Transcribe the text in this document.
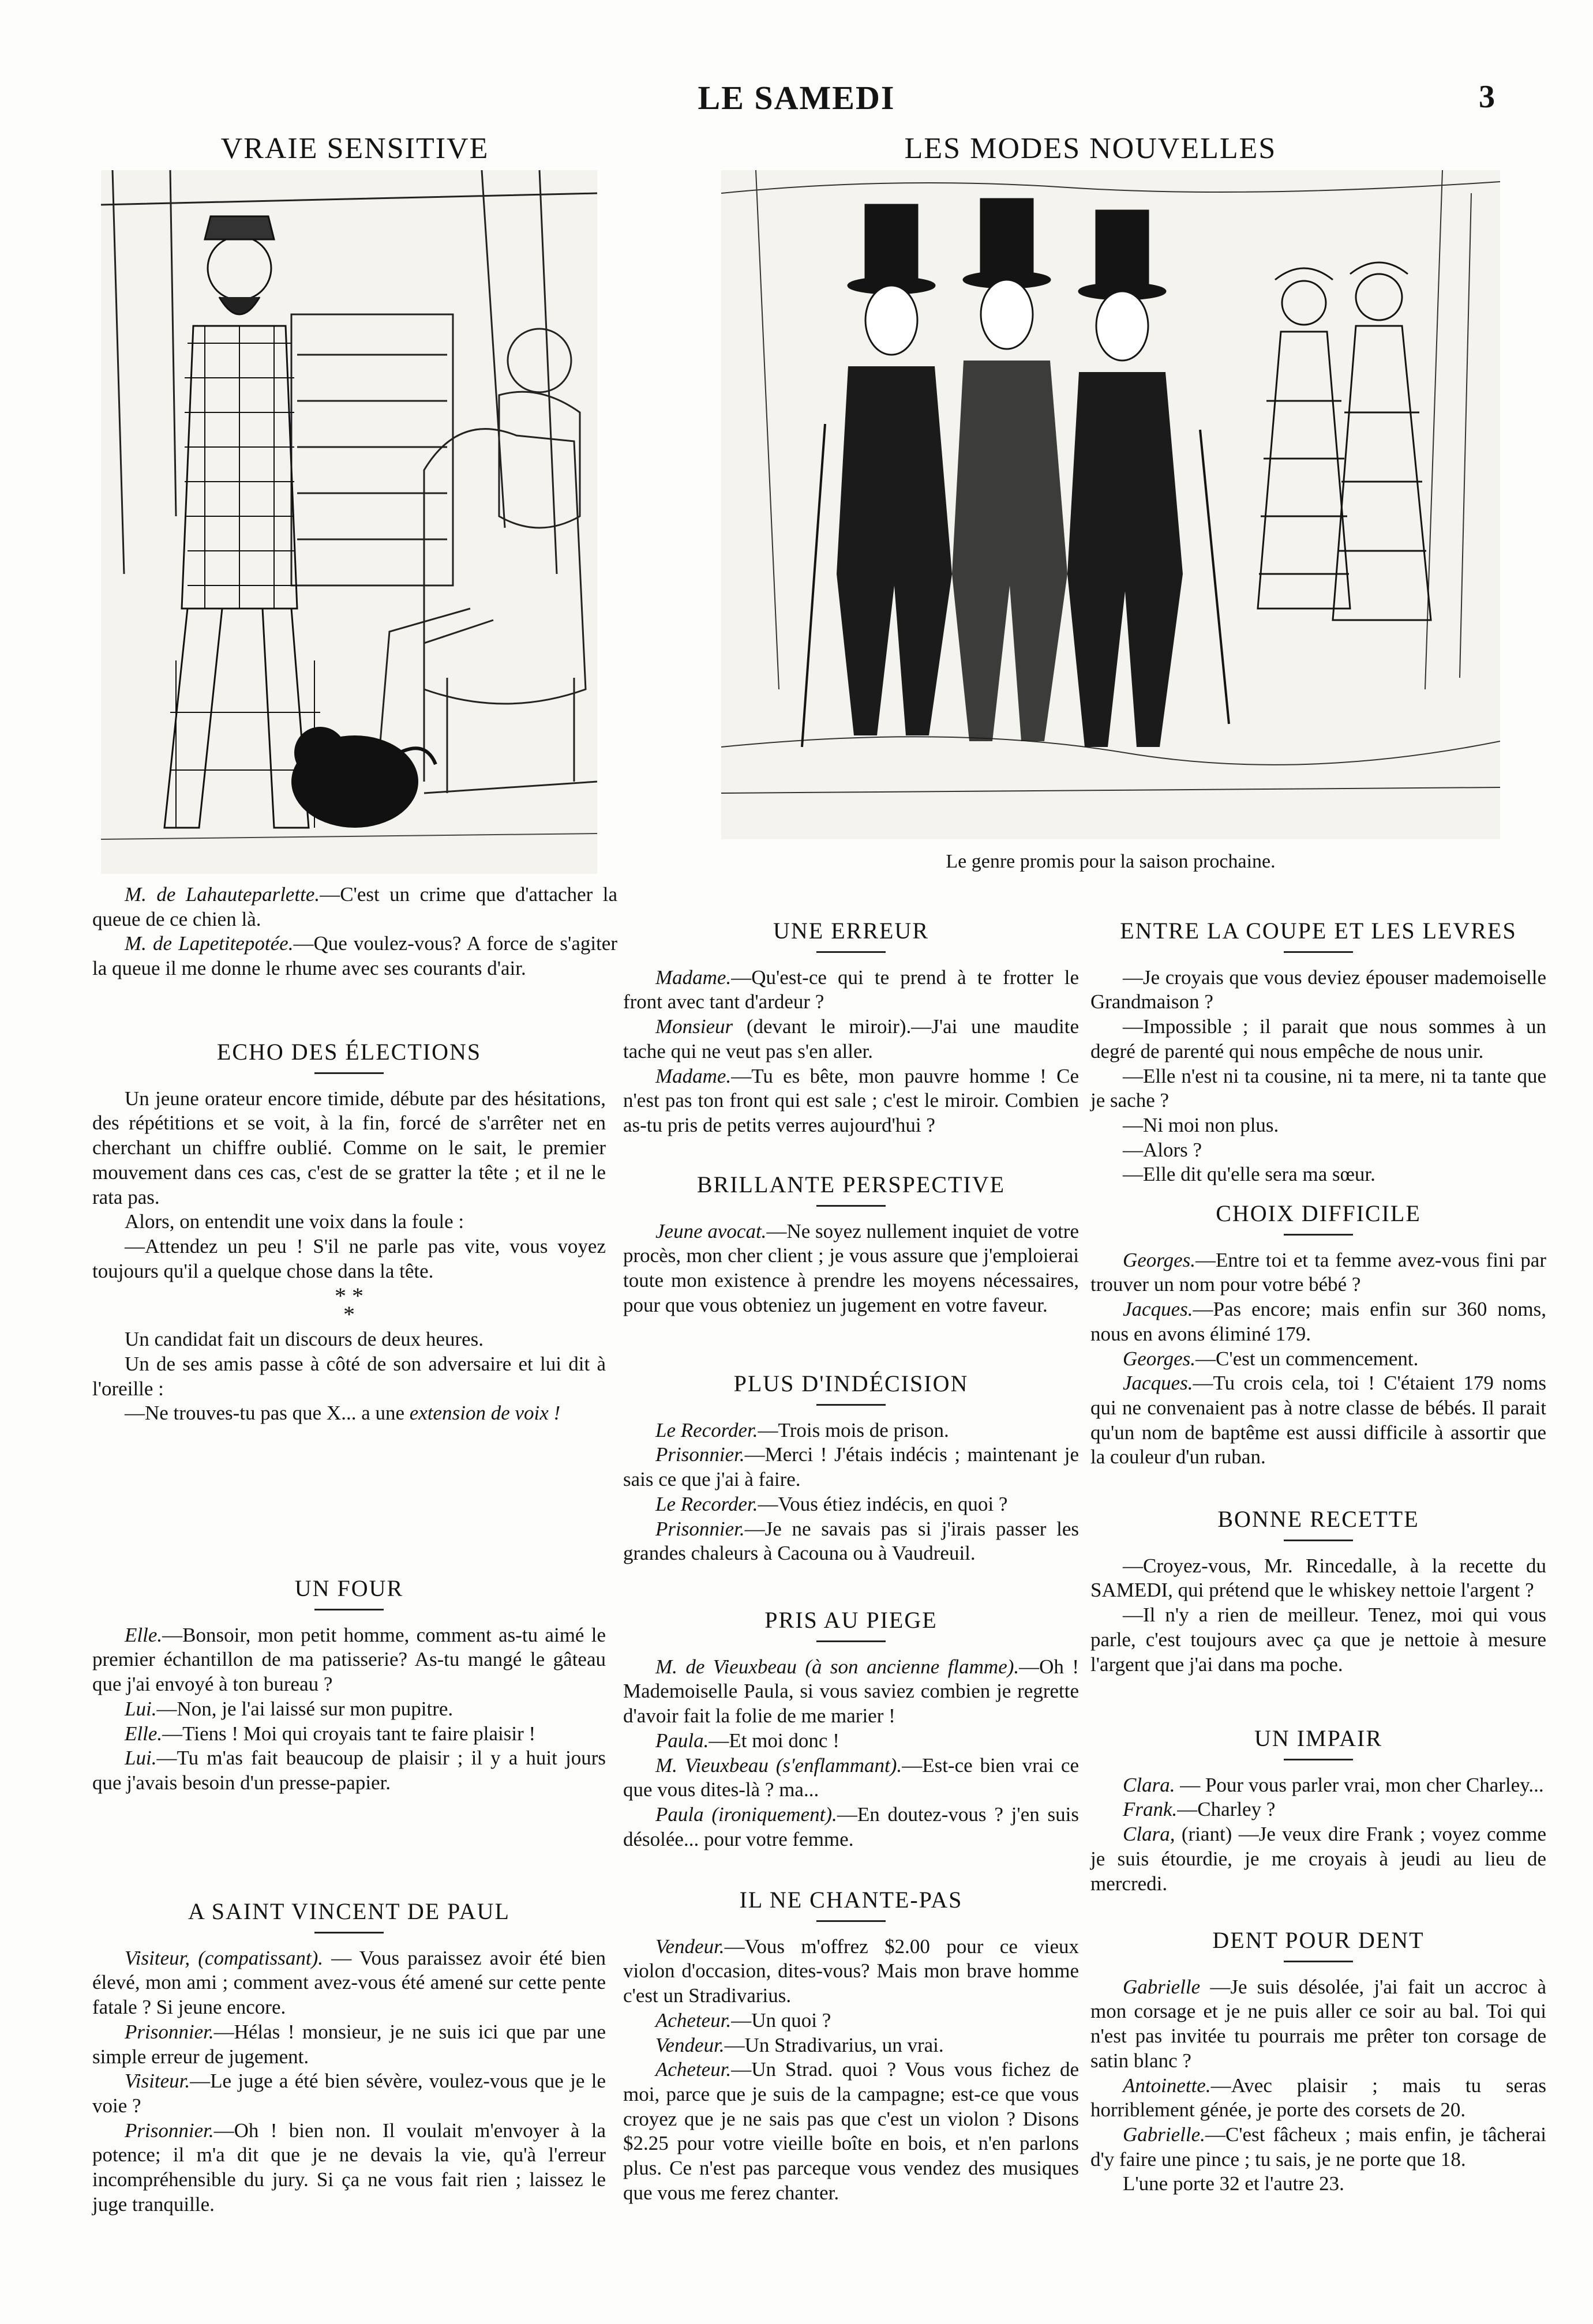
LE SAMEDI	3
VRAIE SENSITIVE

M. de Lahauteparlette.—C'est un crime que d'attacher la queue de ce chien là.

M. de Lapetitepotée.—Que voulez-vous? A force de s'agiter la queue il me donne le rhume avec ses courants d'air.

LES MODES NOUVELLES
Le genre promis pour la saison prochaine.
ECHO DES ÉLECTIONS

Un jeune orateur encore timide, débute par des hésitations, des répétitions et se voit, à la fin, forcé de s'arrêter net en cherchant un chiffre oublié. Comme on le sait, le premier mouvement dans ces cas, c'est de se gratter la tête ; et il ne le rata pas.

Alors, on entendit une voix dans la foule :

—Attendez un peu ! S'il ne parle pas vite, vous voyez toujours qu'il a quelque chose dans la tête.

* *
*

Un candidat fait un discours de deux heures.

Un de ses amis passe à côté de son adversaire et lui dit à l'oreille :

—Ne trouves-tu pas que X... a une extension de voix !

UN FOUR

Elle.—Bonsoir, mon petit homme, comment as-tu aimé le premier échantillon de ma patisserie? As-tu mangé le gâteau que j'ai envoyé à ton bureau ?

Lui.—Non, je l'ai laissé sur mon pupitre.

Elle.—Tiens ! Moi qui croyais tant te faire plaisir !

Lui.—Tu m'as fait beaucoup de plaisir ; il y a huit jours que j'avais besoin d'un presse-papier.

A SAINT VINCENT DE PAUL

Visiteur, (compatissant). — Vous paraissez avoir été bien élevé, mon ami ; comment avez-vous été amené sur cette pente fatale ? Si jeune encore.

Prisonnier.—Hélas ! monsieur, je ne suis ici que par une simple erreur de jugement.

Visiteur.—Le juge a été bien sévère, voulez-vous que je le voie ?

Prisonnier.—Oh ! bien non. Il voulait m'envoyer à la potence; il m'a dit que je ne devais la vie, qu'à l'erreur incompréhensible du jury. Si ça ne vous fait rien ; laissez le juge tranquille.

UNE ERREUR

Madame.—Qu'est-ce qui te prend à te frotter le front avec tant d'ardeur ?

Monsieur (devant le miroir).—J'ai une maudite tache qui ne veut pas s'en aller.

Madame.—Tu es bête, mon pauvre homme ! Ce n'est pas ton front qui est sale ; c'est le miroir. Combien as-tu pris de petits verres aujourd'hui ?

BRILLANTE PERSPECTIVE

Jeune avocat.—Ne soyez nullement inquiet de votre procès, mon cher client ; je vous assure que j'emploierai toute mon existence à prendre les moyens nécessaires, pour que vous obteniez un jugement en votre faveur.

PLUS D'INDÉCISION

Le Recorder.—Trois mois de prison.

Prisonnier.—Merci ! J'étais indécis ; maintenant je sais ce que j'ai à faire.

Le Recorder.—Vous étiez indécis, en quoi ?

Prisonnier.—Je ne savais pas si j'irais passer les grandes chaleurs à Cacouna ou à Vaudreuil.

PRIS AU PIEGE

M. de Vieuxbeau (à son ancienne flamme).—Oh ! Mademoiselle Paula, si vous saviez combien je regrette d'avoir fait la folie de me marier !

Paula.—Et moi donc !

M. Vieuxbeau (s'enflammant).—Est-ce bien vrai ce que vous dites-là ? ma...

Paula (ironiquement).—En doutez-vous ? j'en suis désolée... pour votre femme.

IL NE CHANTE-PAS

Vendeur.—Vous m'offrez $2.00 pour ce vieux violon d'occasion, dites-vous? Mais mon brave homme c'est un Stradivarius.

Acheteur.—Un quoi ?

Vendeur.—Un Stradivarius, un vrai.

Acheteur.—Un Strad. quoi ? Vous vous fichez de moi, parce que je suis de la campagne; est-ce que vous croyez que je ne sais pas que c'est un violon ? Disons $2.25 pour votre vieille boîte en bois, et n'en parlons plus. Ce n'est pas parceque vous vendez des musiques que vous me ferez chanter.

ENTRE LA COUPE ET LES LEVRES

—Je croyais que vous deviez épouser mademoiselle Grandmaison ?

—Impossible ; il parait que nous sommes à un degré de parenté qui nous empêche de nous unir.

—Elle n'est ni ta cousine, ni ta mere, ni ta tante que je sache ?

—Ni moi non plus.

—Alors ?

—Elle dit qu'elle sera ma sœur.

CHOIX DIFFICILE

Georges.—Entre toi et ta femme avez-vous fini par trouver un nom pour votre bébé ?

Jacques.—Pas encore; mais enfin sur 360 noms, nous en avons éliminé 179.

Georges.—C'est un commencement.

Jacques.—Tu crois cela, toi ! C'étaient 179 noms qui ne convenaient pas à notre classe de bébés. Il parait qu'un nom de baptême est aussi difficile à assortir que la couleur d'un ruban.

BONNE RECETTE

—Croyez-vous, Mr. Rincedalle, à la recette du SAMEDI, qui prétend que le whiskey nettoie l'argent ?

—Il n'y a rien de meilleur. Tenez, moi qui vous parle, c'est toujours avec ça que je nettoie à mesure l'argent que j'ai dans ma poche.

UN IMPAIR

Clara. — Pour vous parler vrai, mon cher Charley...

Frank.—Charley ?

Clara, (riant) —Je veux dire Frank ; voyez comme je suis étourdie, je me croyais à jeudi au lieu de mercredi.

DENT POUR DENT

Gabrielle —Je suis désolée, j'ai fait un accroc à mon corsage et je ne puis aller ce soir au bal. Toi qui n'est pas invitée tu pourrais me prêter ton corsage de satin blanc ?

Antoinette.—Avec plaisir ; mais tu seras horriblement génée, je porte des corsets de 20.

Gabrielle.—C'est fâcheux ; mais enfin, je tâcherai d'y faire une pince ; tu sais, je ne porte que 18.

L'une porte 32 et l'autre 23.
